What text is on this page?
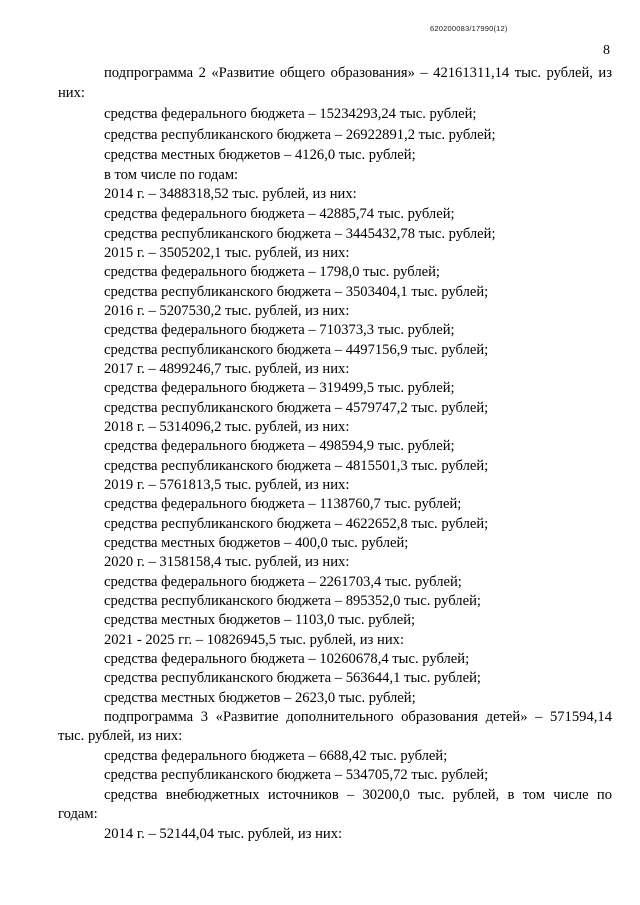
620200083/17990(12)
8
подпрограмма 2 «Развитие общего образования» – 42161311,14 тыс. рублей, из
них:
средства федерального бюджета – 15234293,24 тыс. рублей;
средства республиканского бюджета – 26922891,2 тыс. рублей;
средства местных бюджетов – 4126,0 тыс. рублей;
в том числе по годам:
2014 г. – 3488318,52 тыс. рублей, из них:
средства федерального бюджета – 42885,74 тыс. рублей;
средства республиканского бюджета – 3445432,78 тыс. рублей;
2015 г. – 3505202,1 тыс. рублей, из них:
средства федерального бюджета – 1798,0 тыс. рублей;
средства республиканского бюджета – 3503404,1 тыс. рублей;
2016 г. – 5207530,2 тыс. рублей, из них:
средства федерального бюджета – 710373,3 тыс. рублей;
средства республиканского бюджета – 4497156,9 тыс. рублей;
2017 г. – 4899246,7 тыс. рублей, из них:
средства федерального бюджета – 319499,5 тыс. рублей;
средства республиканского бюджета – 4579747,2 тыс. рублей;
2018 г. – 5314096,2 тыс. рублей, из них:
средства федерального бюджета – 498594,9 тыс. рублей;
средства республиканского бюджета – 4815501,3 тыс. рублей;
2019 г. – 5761813,5 тыс. рублей, из них:
средства федерального бюджета – 1138760,7 тыс. рублей;
средства республиканского бюджета – 4622652,8 тыс. рублей;
средства местных бюджетов – 400,0 тыс. рублей;
2020 г. – 3158158,4 тыс. рублей, из них:
средства федерального бюджета – 2261703,4 тыс. рублей;
средства республиканского бюджета – 895352,0 тыс. рублей;
средства местных бюджетов – 1103,0 тыс. рублей;
2021 - 2025 гг. – 10826945,5 тыс. рублей, из них:
средства федерального бюджета – 10260678,4 тыс. рублей;
средства республиканского бюджета – 563644,1 тыс. рублей;
средства местных бюджетов – 2623,0 тыс. рублей;
подпрограмма 3 «Развитие дополнительного образования детей» – 571594,14
тыс. рублей, из них:
средства федерального бюджета – 6688,42 тыс. рублей;
средства республиканского бюджета – 534705,72 тыс. рублей;
средства внебюджетных источников – 30200,0 тыс. рублей, в том числе по
годам:
2014 г. – 52144,04 тыс. рублей, из них:
